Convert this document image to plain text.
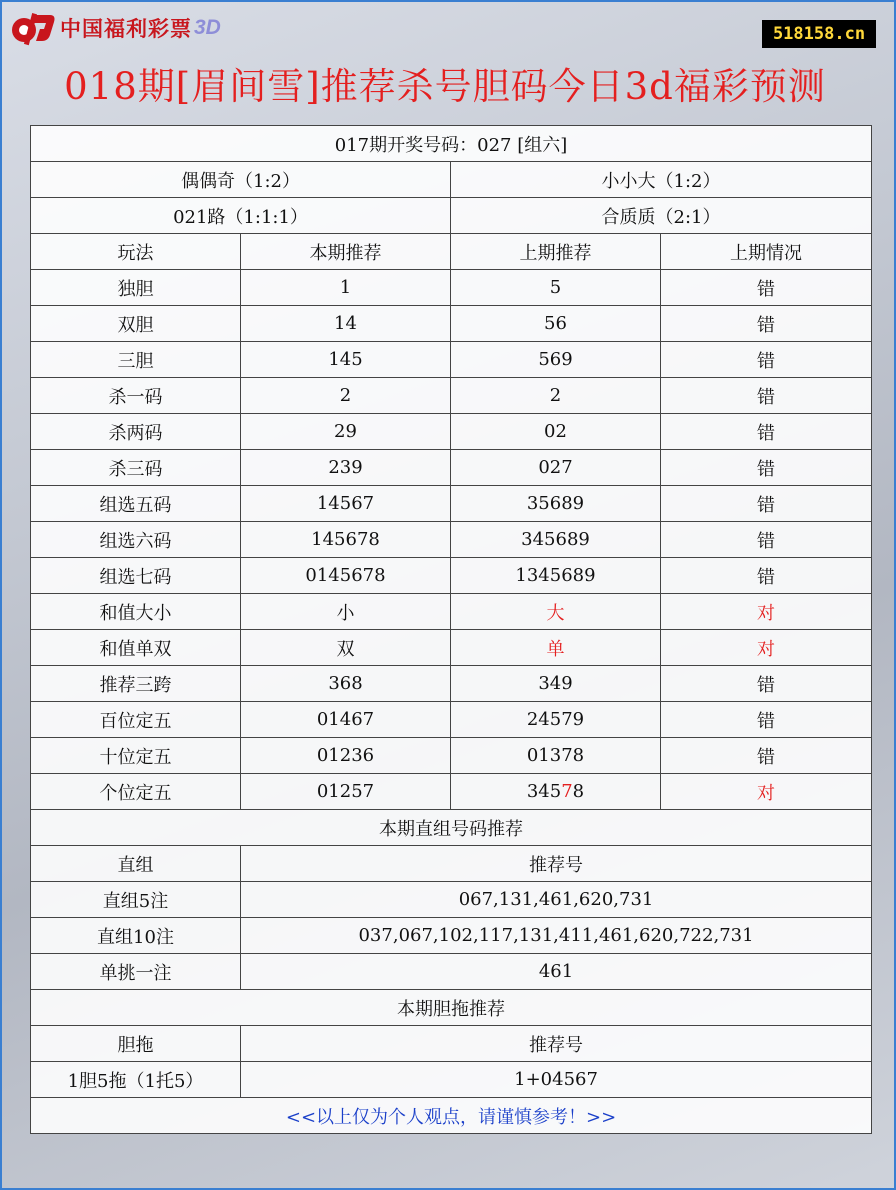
中国福利彩票 3D	518158.cn
018期[眉间雪]推荐杀号胆码今日3d福彩预测
017期开奖号码：027 [组六]			
偶偶奇（1:2）		小小大（1:2）	
021路（1:1:1）		合质质（2:1）	
玩法	本期推荐	上期推荐	上期情况
独胆	1	5	错
双胆	14	56	错
三胆	145	569	错
杀一码	2	2	错
杀两码	29	02	错
杀三码	239	027	错
组选五码	14567	35689	错
组选六码	145678	345689	错
组选七码	0145678	1345689	错
和值大小	小	大	对
和值单双	双	单	对
推荐三跨	368	349	错
百位定五	01467	24579	错
十位定五	01236	01378	错
个位定五	01257	34578	对
本期直组号码推荐			
直组	推荐号		
直组5注	067,131,461,620,731		
直组10注	037,067,102,117,131,411,461,620,722,731		
单挑一注	461		
本期胆拖推荐			
胆拖	推荐号		
1胆5拖（1托5）	1+04567		
<<以上仅为个人观点，请谨慎参考！>>			
